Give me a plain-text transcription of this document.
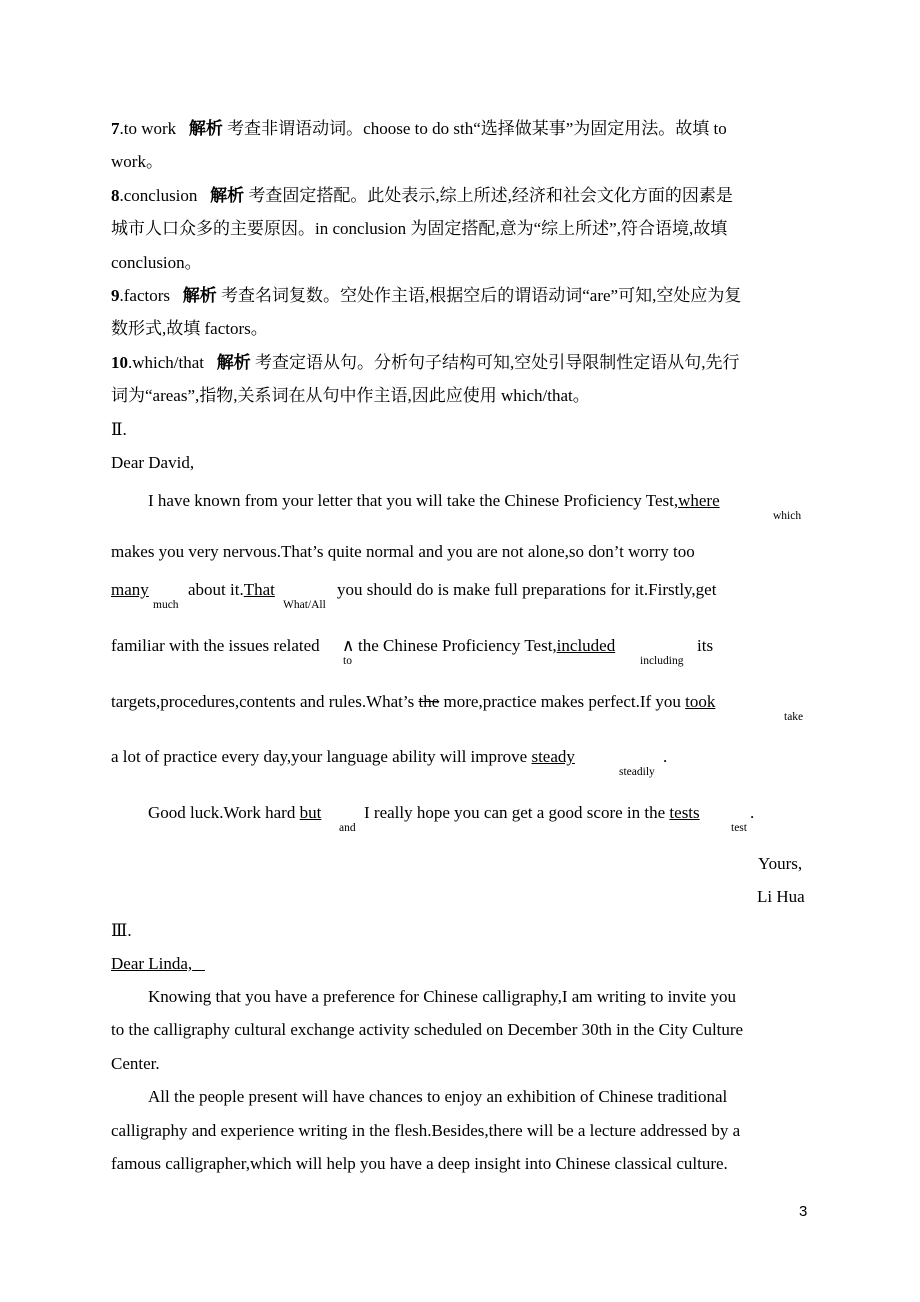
7.to work 解析 考查非谓语动词。choose to do sth“选择做某事”为固定用法。故填 to
work。
8.conclusion 解析 考查固定搭配。此处表示,综上所述,经济和社会文化方面的因素是
城市人口众多的主要原因。in conclusion 为固定搭配,意为“综上所述”,符合语境,故填
conclusion。
9.factors 解析 考查名词复数。空处作主语,根据空后的谓语动词“are”可知,空处应为复
数形式,故填 factors。
10.which/that 解析 考查定语从句。分析句子结构可知,空处引导限制性定语从句,先行
词为“areas”,指物,关系词在从句中作主语,因此应使用 which/that。
Ⅱ.
Dear David,
I have known from your letter that you will take the Chinese Proficiency Test,where
which
makes you very nervous.That’s quite normal and you are not alone,so don’t worry too
many
much
about it.That
What/All
you should do is make full preparations for it.Firstly,get
familiar with the issues related ∧
to
the Chinese Proficiency Test,included
including
its
targets,procedures,contents and rules.What’s the more,practice makes perfect.If you took
take
a lot of practice every day,your language ability will improve steady
steadily
.
Good luck.Work hard but
and
I really hope you can get a good score in the tests
test
.
Yours,
Li Hua
Ⅲ.
Dear Linda,
Knowing that you have a preference for Chinese calligraphy,I am writing to invite you
to the calligraphy cultural exchange activity scheduled on December 30th in the City Culture
Center.
All the people present will have chances to enjoy an exhibition of Chinese traditional
calligraphy and experience writing in the flesh.Besides,there will be a lecture addressed by a
famous calligrapher,which will help you have a deep insight into Chinese classical culture.
3
